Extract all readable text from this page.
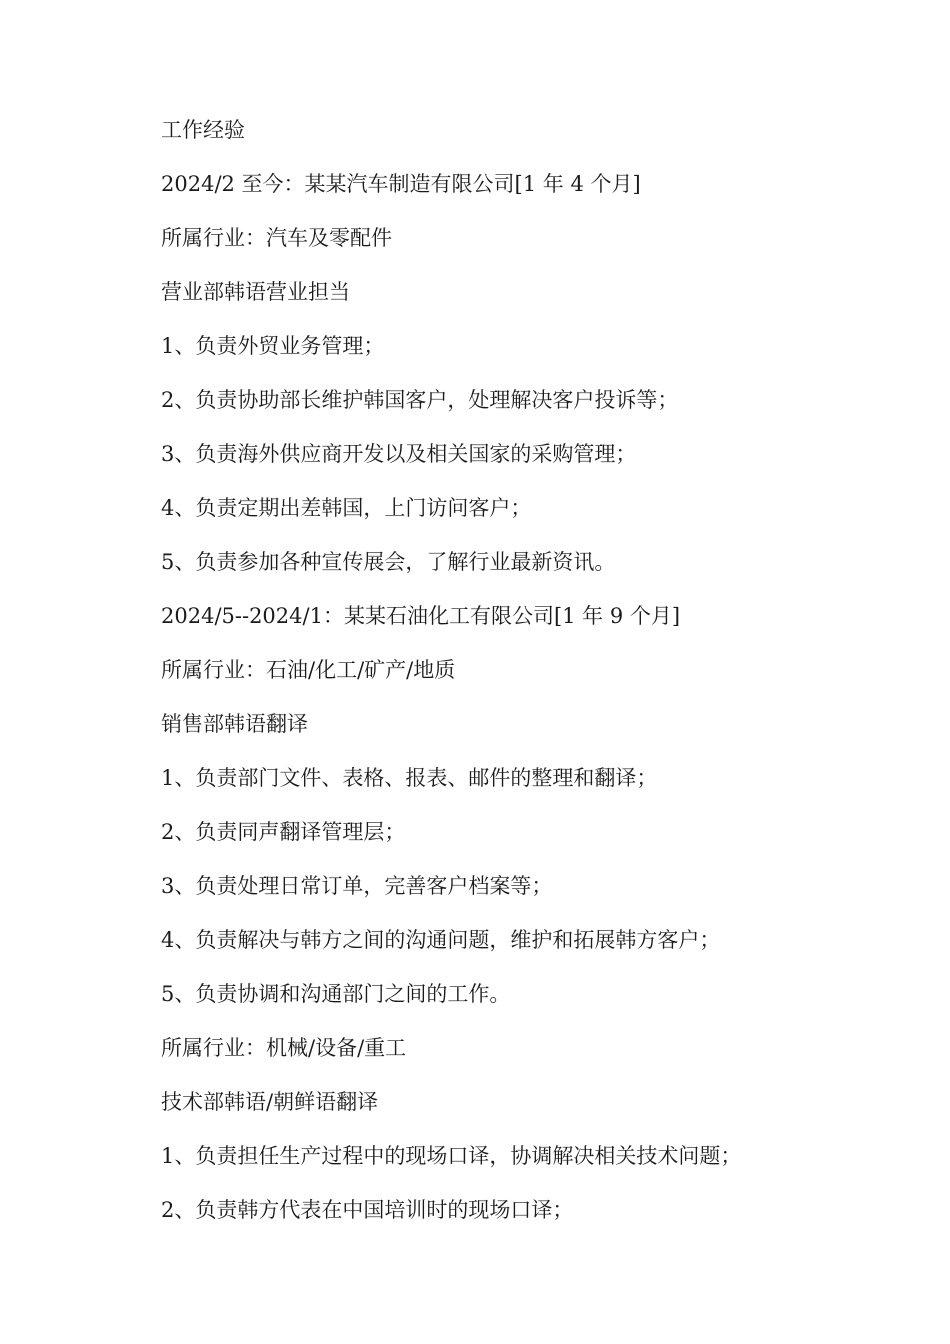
工作经验

2024/2 至今：某某汽车制造有限公司[1 年 4 个月]

所属行业：汽车及零配件

营业部韩语营业担当

1、负责外贸业务管理；

2、负责协助部长维护韩国客户，处理解决客户投诉等；

3、负责海外供应商开发以及相关国家的采购管理；

4、负责定期出差韩国，上门访问客户；

5、负责参加各种宣传展会，了解行业最新资讯。

2024/5--2024/1：某某石油化工有限公司[1 年 9 个月]

所属行业：石油/化工/矿产/地质

销售部韩语翻译

1、负责部门文件、表格、报表、邮件的整理和翻译；

2、负责同声翻译管理层；

3、负责处理日常订单，完善客户档案等；

4、负责解决与韩方之间的沟通问题，维护和拓展韩方客户；

5、负责协调和沟通部门之间的工作。

所属行业：机械/设备/重工

技术部韩语/朝鲜语翻译

1、负责担任生产过程中的现场口译，协调解决相关技术问题；

2、负责韩方代表在中国培训时的现场口译；
